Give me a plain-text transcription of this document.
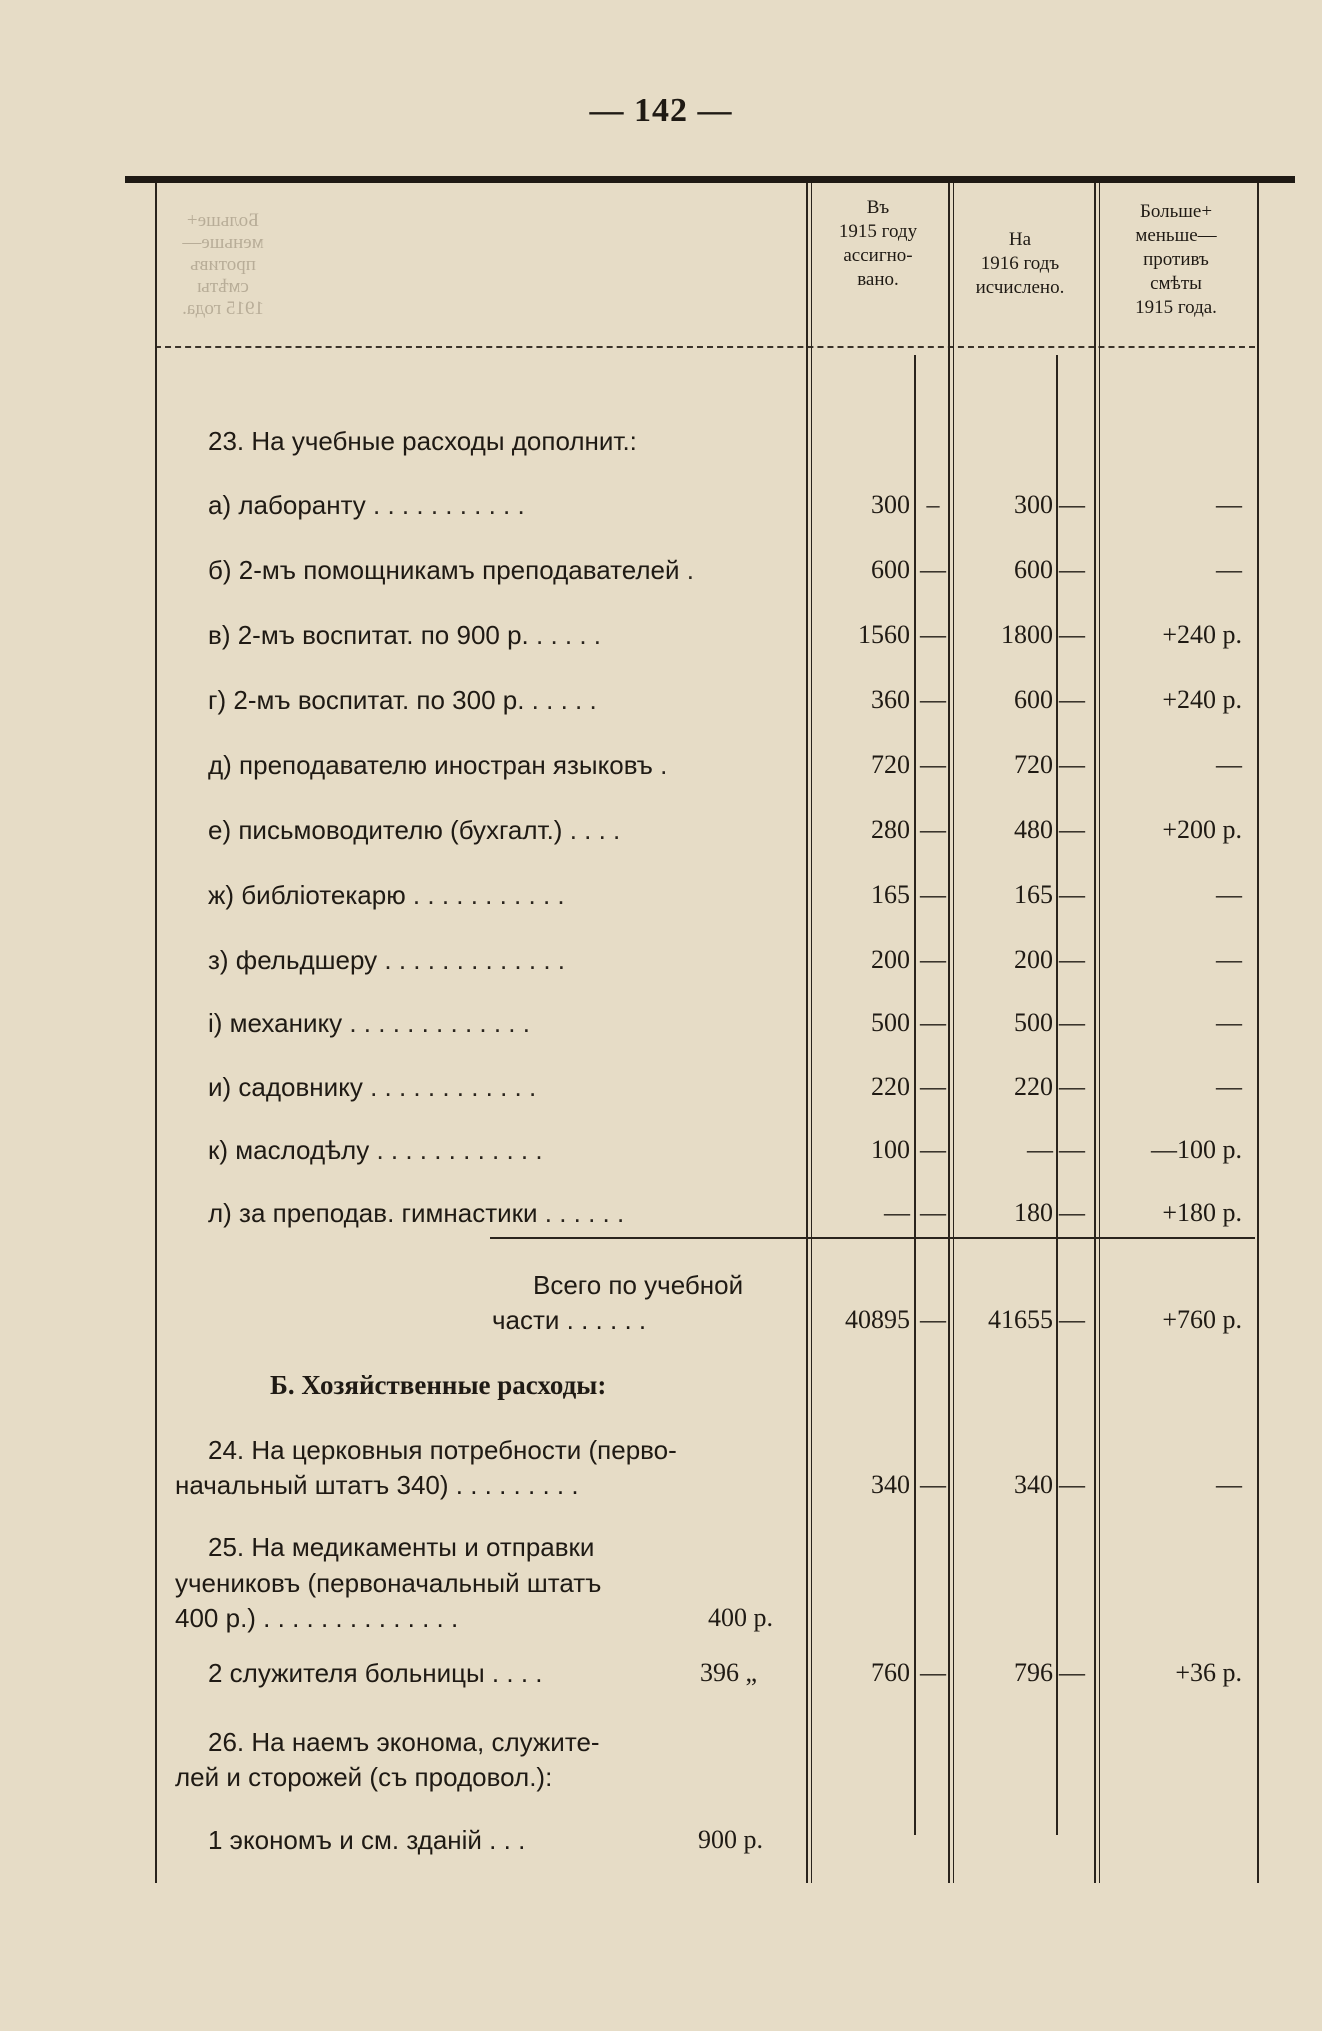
— 142 —
Больше+
меньше—
противъ
смѣты
1915 года.
Въ
1915 году
ассигно-
вано.
На
1916 годъ
исчислено.
Больше+
меньше—
противъ
смѣты
1915 года.
23. На учебные расходы дополнит.:
а) лаборанту . . . . . . . . . . .	300 –	300 —	—
б) 2-мъ помощникамъ преподавателей .	600 —	600 —	—
в) 2-мъ воспитат. по 900 р. . . . . .	1560 —	1800 —	+240 р.
г) 2-мъ воспитат. по 300 р. . . . . .	360 —	600 —	+240 р.
д) преподавателю иностран языковъ .	720 —	720 —	—
е) письмоводителю (бухгалт.) . . . .	280 —	480 —	+200 р.
ж) библiотекарю . . . . . . . . . . .	165 —	165 —	—
з) фельдшеру . . . . . . . . . . . . .	200 —	200 —	—
i) механику . . . . . . . . . . . . .	500 —	500 —	—
и) садовнику . . . . . . . . . . . .	220 —	220 —	—
к) маслодѣлу . . . . . . . . . . . .	100 —	— —	—100 р.
л) за преподав. гимнастики . . . . . .	— —	180 —	+180 р.
Всего по учебной
части . . . . . .	40895 —	41655 —	+760 р.
Б. Хозяйственные расходы:
24. На церковныя потребности (перво-
начальный штатъ 340) . . . . . . . . .	340 —	340 —	—
25. На медикаменты и отправки
учениковъ (первоначальный штатъ
400 р.) . . . . . . . . . . . . . .	400 р.
2 служителя больницы . . . .	396 „	760 —	796 —	+36 р.
26. На наемъ эконома, служите-
лей и сторожей (съ продовол.):
1 экономъ и см. зданій . . .	900 р.
